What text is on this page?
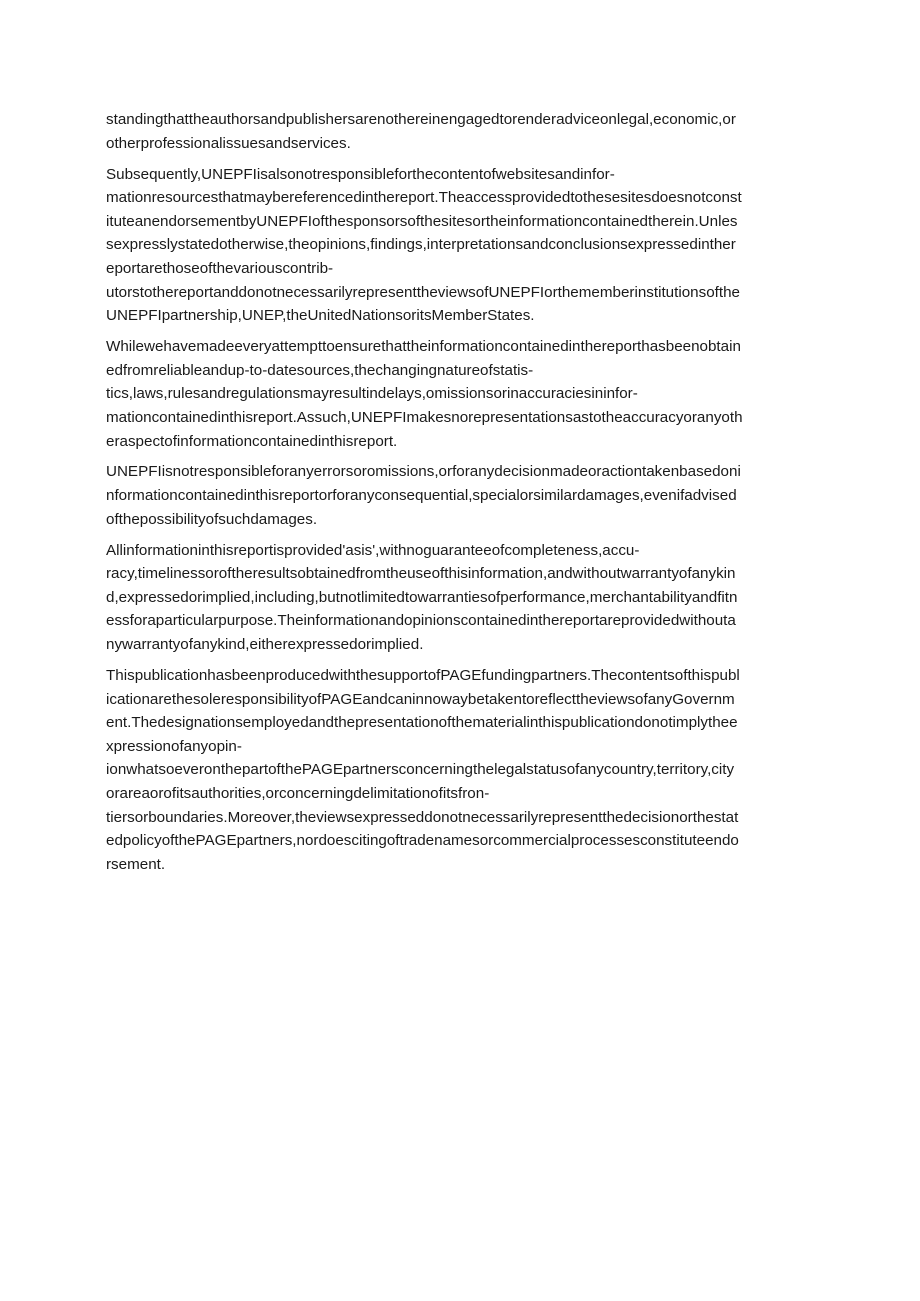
standingthattheauthorsandpublishersarenothereinengagedtorenderadviceonlegal,economic,or
otherprofessionalissuesandservices.

Subsequently,UNEPFIisalsonotresponsibleforthecontentofwebsitesandinfor-
mationresourcesthatmaybereferencedinthereport.Theaccessprovidedtothesesitesdoesnotconst
ituteanendorsementbyUNEPFIofthesponsorsofthesitesortheinformationcontainedtherein.Unles
sexpresslystatedotherwise,theopinions,findings,interpretationsandconclusionsexpressedinther
eportarethoseofthevariouscontrib-
utorstothereportanddonotnecessarilyrepresenttheviewsofUNEPFIorthememberinstitutionsofthe
UNEPFIpartnership,UNEP,theUnitedNationsoritsMemberStates.

Whilewehavemadeeveryattempttoensurethattheinformationcontainedinthereporthasbeenobtain
edfromreliableandup-to-datesources,thechangingnatureofstatis-
tics,laws,rulesandregulationsmayresultindelays,omissionsorinaccuraciesininfor-
mationcontainedinthisreport.Assuch,UNEPFImakesnorepresentationsastotheaccuracyoranyoth
eraspectofinformationcontainedinthisreport.

UNEPFIisnotresponsibleforanyerrorsoromissions,orforanydecisionmadeoractiontakenbasedoni
nformationcontainedinthisreportorforanyconsequential,specialorsimilardamages,evenifadvised
ofthepossibilityofsuchdamages.

Allinformationinthisreportisprovided'asis',withnoguaranteeofcompleteness,accu-
racy,timelinessoroftheresultsobtainedfromtheuseofthisinformation,andwithoutwarrantyofanykin
d,expressedorimplied,including,butnotlimitedtowarrantiesofperformance,merchantabilityandfitn
essforaparticularpurpose.Theinformationandopinionscontainedinthereportareprovidedwithouta
nywarrantyofanykind,eitherexpressedorimplied.

ThispublicationhasbeenproducedwiththesupportofPAGEfundingpartners.Thecontentsofthispubl
icationarethesoleresponsibilityofPAGEandcaninnowaybetakentoreflecttheviewsofanyGovernm
ent.Thedesignationsemployedandthepresentationofthematerialinthispublicationdonotimplythee
xpressionofanyopin-
ionwhatsoeveronthepartofthePAGEpartnersconcerningthelegalstatusofanycountry,territory,city
orareaorofitsauthorities,orconcerningdelimitationofitsfron-
tiersorboundaries.Moreover,theviewsexpresseddonotnecessarilyrepresentthedecisionorthestat
edpolicyofthePAGEpartners,nordoescitingoftradenamesorcommercialprocessesconstituteendo
rsement.
